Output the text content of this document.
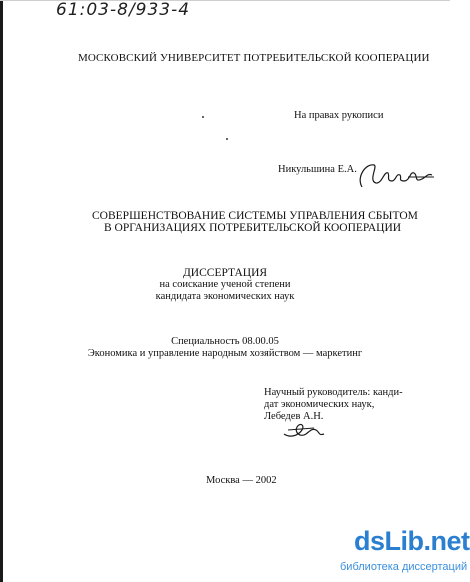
61:03-8/933-4
МОСКОВСКИЙ УНИВЕРСИТЕТ ПОТРЕБИТЕЛЬСКОЙ КООПЕРАЦИИ
На правах рукописи
Никульшина Е.А.
СОВЕРШЕНСТВОВАНИЕ СИСТЕМЫ УПРАВЛЕНИЯ СБЫТОМ
В ОРГАНИЗАЦИЯХ ПОТРЕБИТЕЛЬСКОЙ КООПЕРАЦИИ
ДИССЕРТАЦИЯ
на соискание ученой степени
кандидата экономических наук
Специальность 08.00.05
Экономика и управление народным хозяйством — маркетинг
Научный руководитель: канди-
дат экономических наук,
Лебедев А.Н.
Москва — 2002
dsLib.net
библиотека диссертаций
